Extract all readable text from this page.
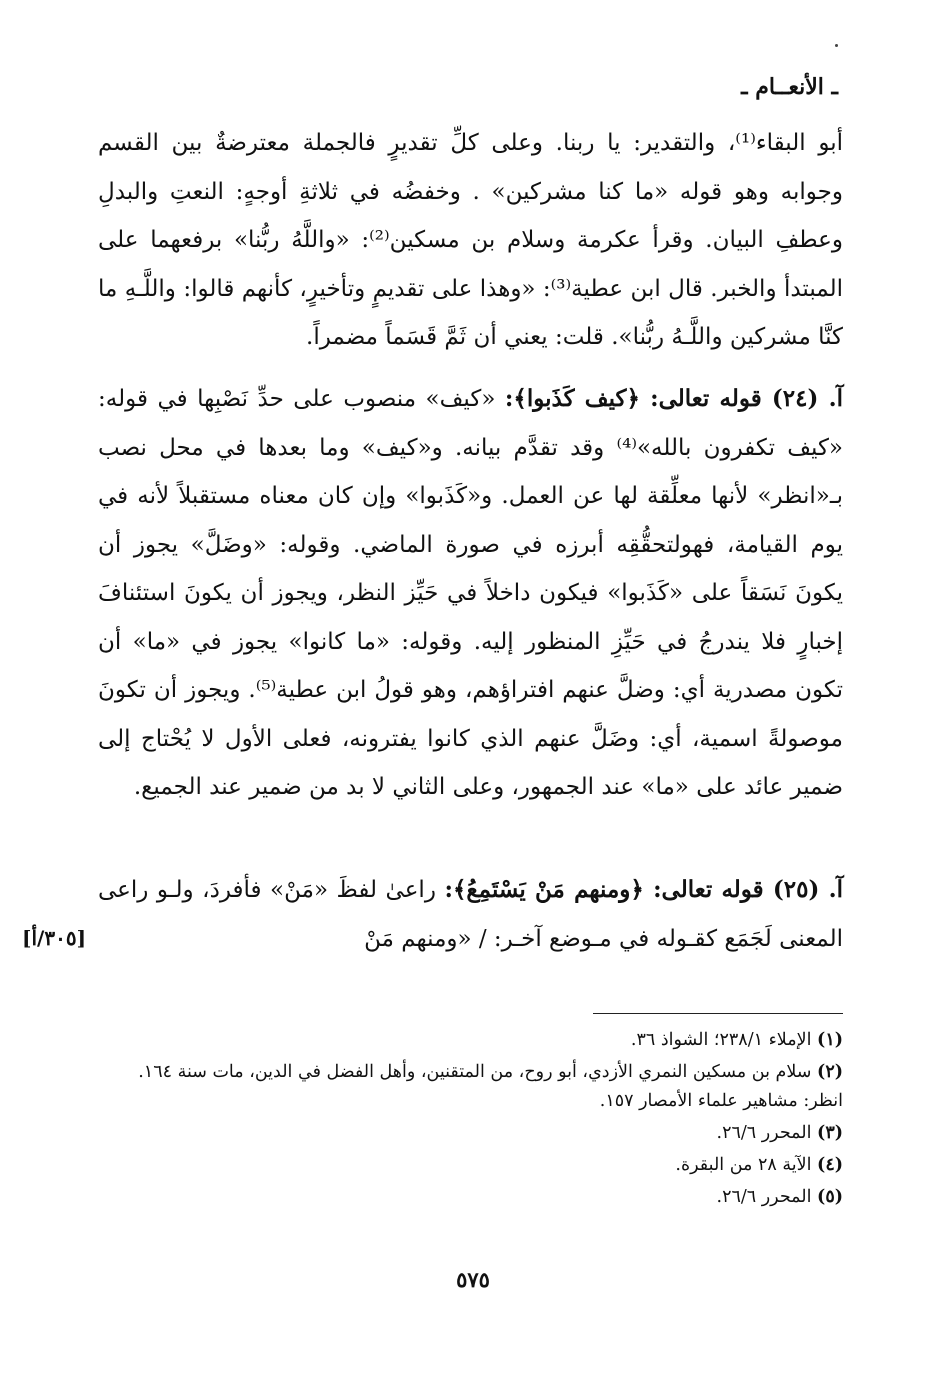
ـ الأنعــام ـ

أبو البقاء⁽¹⁾، والتقدير: يا ربنا. وعلى كلِّ تقديرٍ فالجملة معترضةٌ بين القسم وجوابه وهو قوله «ما كنا مشركين» . وخفضُه في ثلاثةِ أوجهٍ: النعتِ والبدلِ وعطفِ البيان. وقرأ عكرمة وسلام بن مسكين⁽²⁾: «واللَّهُ ربُّنا» برفعهما على المبتدأ والخبر. قال ابن عطية⁽³⁾: «وهذا على تقديمٍ وتأخيرٍ، كأنهم قالوا: واللَّـهِ ما كنَّا مشركين واللَّـهُ ربُّنا». قلت: يعني أن ثَمَّ قَسَماً مضمراً.

آ. (٢٤) قوله تعالى: ﴿كيف كَذَبوا﴾: «كيف» منصوب على حدِّ نَصْبِها في قوله: «كيف تكفرون بالله»⁽⁴⁾ وقد تقدَّم بيانه. و«كيف» وما بعدها في محل نصب بـ«انظر» لأنها معلِّقة لها عن العمل. و«كَذَبوا» وإن كان معناه مستقبلاً لأنه في يوم القيامة، فهولتحقُّقِه أبرزه في صورة الماضي. وقوله: «وضَلَّ» يجوز أن يكونَ نَسَقاً على «كَذَبوا» فيكون داخلاً في حَيِّز النظر، ويجوز أن يكونَ استئنافَ إخبارٍ فلا يندرجُ في حَيِّزِ المنظور إليه. وقوله: «ما كانوا» يجوز في «ما» أن تكون مصدرية أي: وضلَّ عنهم افتراؤهم، وهو قولُ ابن عطية⁽⁵⁾. ويجوز أن تكونَ موصولةً اسمية، أي: وضَلَّ عنهم الذي كانوا يفترونه، فعلى الأول لا يُحْتاج إلى ضمير عائد على «ما» عند الجمهور، وعلى الثاني لا بد من ضمير عند الجميع.

آ. (٢٥) قوله تعالى: ﴿ومنهم مَنْ يَسْتَمِعُ﴾: راعىٰ لفظَ «مَنْ» فأفردَ، ولـو راعى المعنى لَجَمَع كقـوله في مـوضع آخـر: / «ومنهم مَنْ

[٣٠٥/أ]

(١) الإملاء ٢٣٨/١؛ الشواذ ٣٦.

(٢) سلام بن مسكين النمري الأزدي، أبو روح، من المتقنين، وأهل الفضل في الدين، مات سنة ١٦٤. انظر: مشاهير علماء الأمصار ١٥٧.

(٣) المحرر ٢٦/٦.

(٤) الآية ٢٨ من البقرة.

(٥) المحرر ٢٦/٦.

٥٧٥
